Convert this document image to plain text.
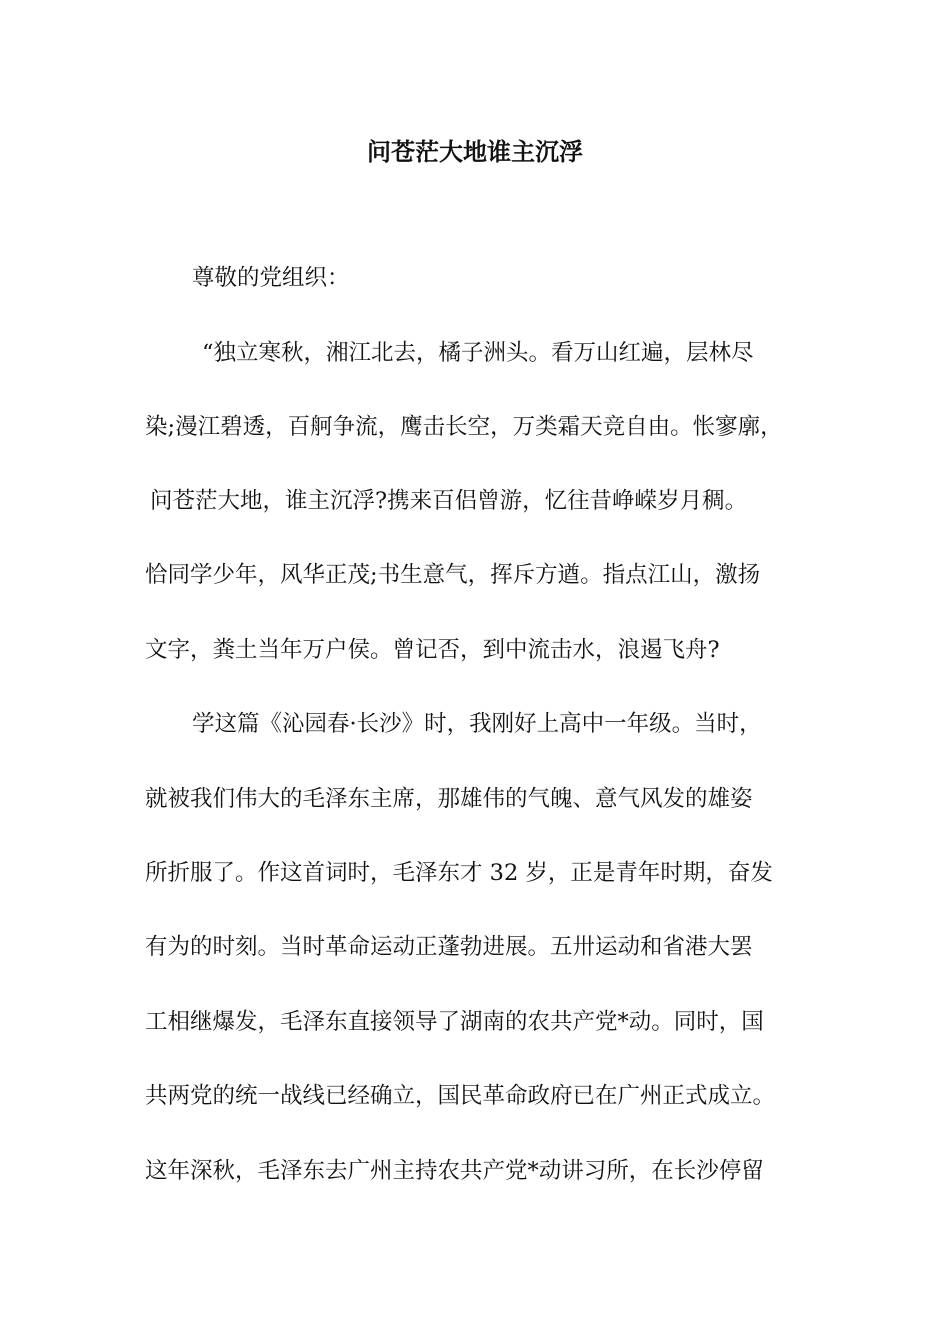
问苍茫大地谁主沉浮

尊敬的党组织：

“独立寒秋，湘江北去，橘子洲头。看万山红遍，层林尽

染;漫江碧透，百舸争流，鹰击长空，万类霜天竞自由。怅寥廓，

问苍茫大地，谁主沉浮?携来百侣曾游，忆往昔峥嵘岁月稠。

恰同学少年，风华正茂;书生意气，挥斥方遒。指点江山，激扬

文字，粪土当年万户侯。曾记否，到中流击水，浪遏飞舟?

学这篇《沁园春·长沙》时，我刚好上高中一年级。当时，

就被我们伟大的毛泽东主席，那雄伟的气魄、意气风发的雄姿

所折服了。作这首词时，毛泽东才 32 岁，正是青年时期，奋发

有为的时刻。当时革命运动正蓬勃进展。五卅运动和省港大罢

工相继爆发，毛泽东直接领导了湖南的农共产党*动。同时，国

共两党的统一战线已经确立，国民革命政府已在广州正式成立。

这年深秋，毛泽东去广州主持农共产党*动讲习所，在长沙停留
